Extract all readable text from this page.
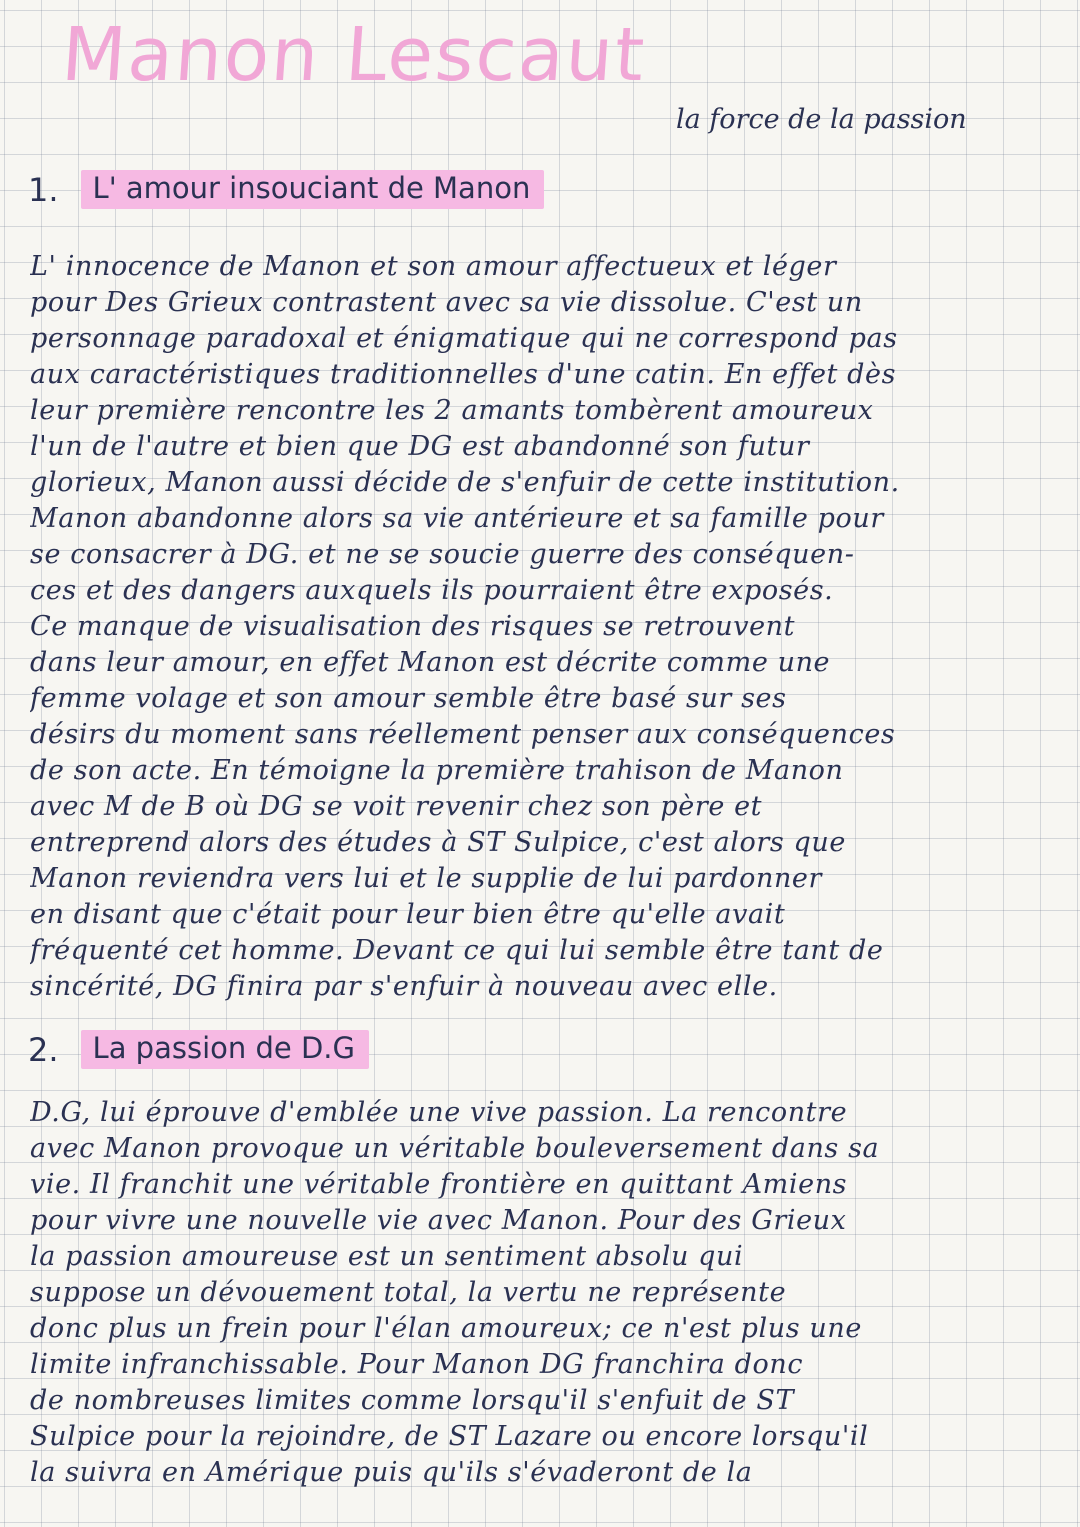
Manon Lescaut

la force de la passion

1.	L' amour insouciant de Manon
L' innocence de Manon et son amour affectueux et léger
pour Des Grieux contrastent avec sa vie dissolue. C'est un
personnage paradoxal et énigmatique qui ne correspond pas
aux caractéristiques traditionnelles d'une catin. En effet dès
leur première rencontre les 2 amants tombèrent amoureux
l'un de l'autre et bien que DG est abandonné son futur
glorieux, Manon aussi décide de s'enfuir de cette institution.
Manon abandonne alors sa vie antérieure et sa famille pour
se consacrer à DG. et ne se soucie guerre des conséquen-
ces et des dangers auxquels ils pourraient être exposés.
Ce manque de visualisation des risques se retrouvent
dans leur amour, en effet Manon est décrite comme une
femme volage et son amour semble être basé sur ses
désirs du moment sans réellement penser aux conséquences
de son acte. En témoigne la première trahison de Manon
avec M de B où DG se voit revenir chez son père et
entreprend alors des études à ST Sulpice, c'est alors que
Manon reviendra vers lui et le supplie de lui pardonner
en disant que c'était pour leur bien être qu'elle avait
fréquenté cet homme. Devant ce qui lui semble être tant de
sincérité, DG finira par s'enfuir à nouveau avec elle.
2.	La passion de D.G
D.G, lui éprouve d'emblée une vive passion. La rencontre
avec Manon provoque un véritable bouleversement dans sa
vie. Il franchit une véritable frontière en quittant Amiens
pour vivre une nouvelle vie avec Manon. Pour des Grieux
la passion amoureuse est un sentiment absolu qui
suppose un dévouement total, la vertu ne représente
donc plus un frein pour l'élan amoureux; ce n'est plus une
limite infranchissable. Pour Manon DG franchira donc
de nombreuses limites comme lorsqu'il s'enfuit de ST
Sulpice pour la rejoindre, de ST Lazare ou encore lorsqu'il
la suivra en Amérique puis qu'ils s'évaderont de la
